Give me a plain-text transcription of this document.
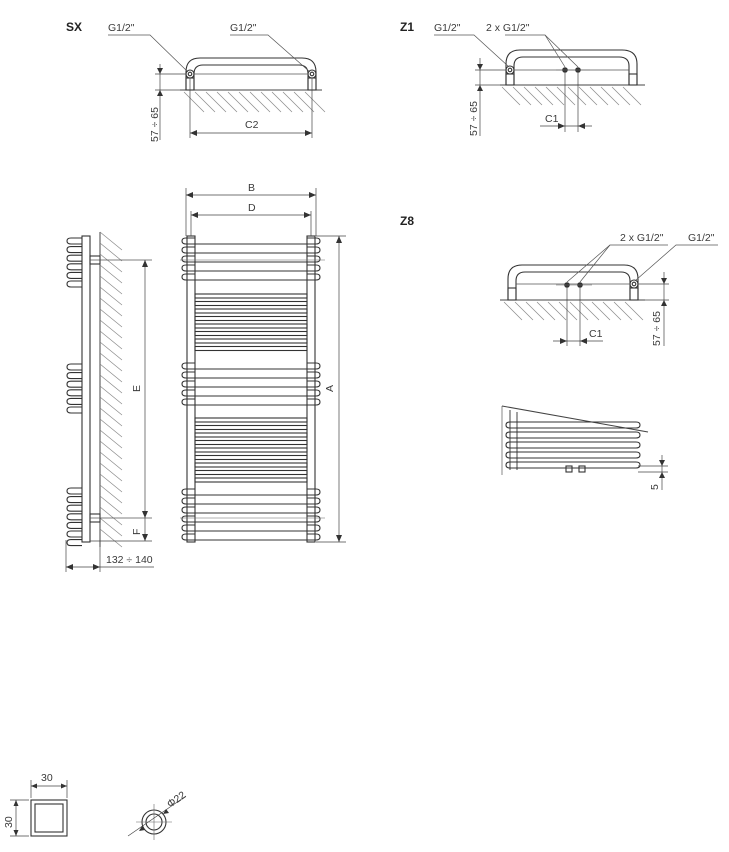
SX G1/2"	G1/2"
57 ÷ 65	C2
Z1 G1/2" 2 x G1/2"
57 ÷ 65	C1
Z8
2 x G1/2" G1/2"
57 ÷ 65
C1
5
E
F
132 ÷ 140
B
D
A
30
30
Φ22
